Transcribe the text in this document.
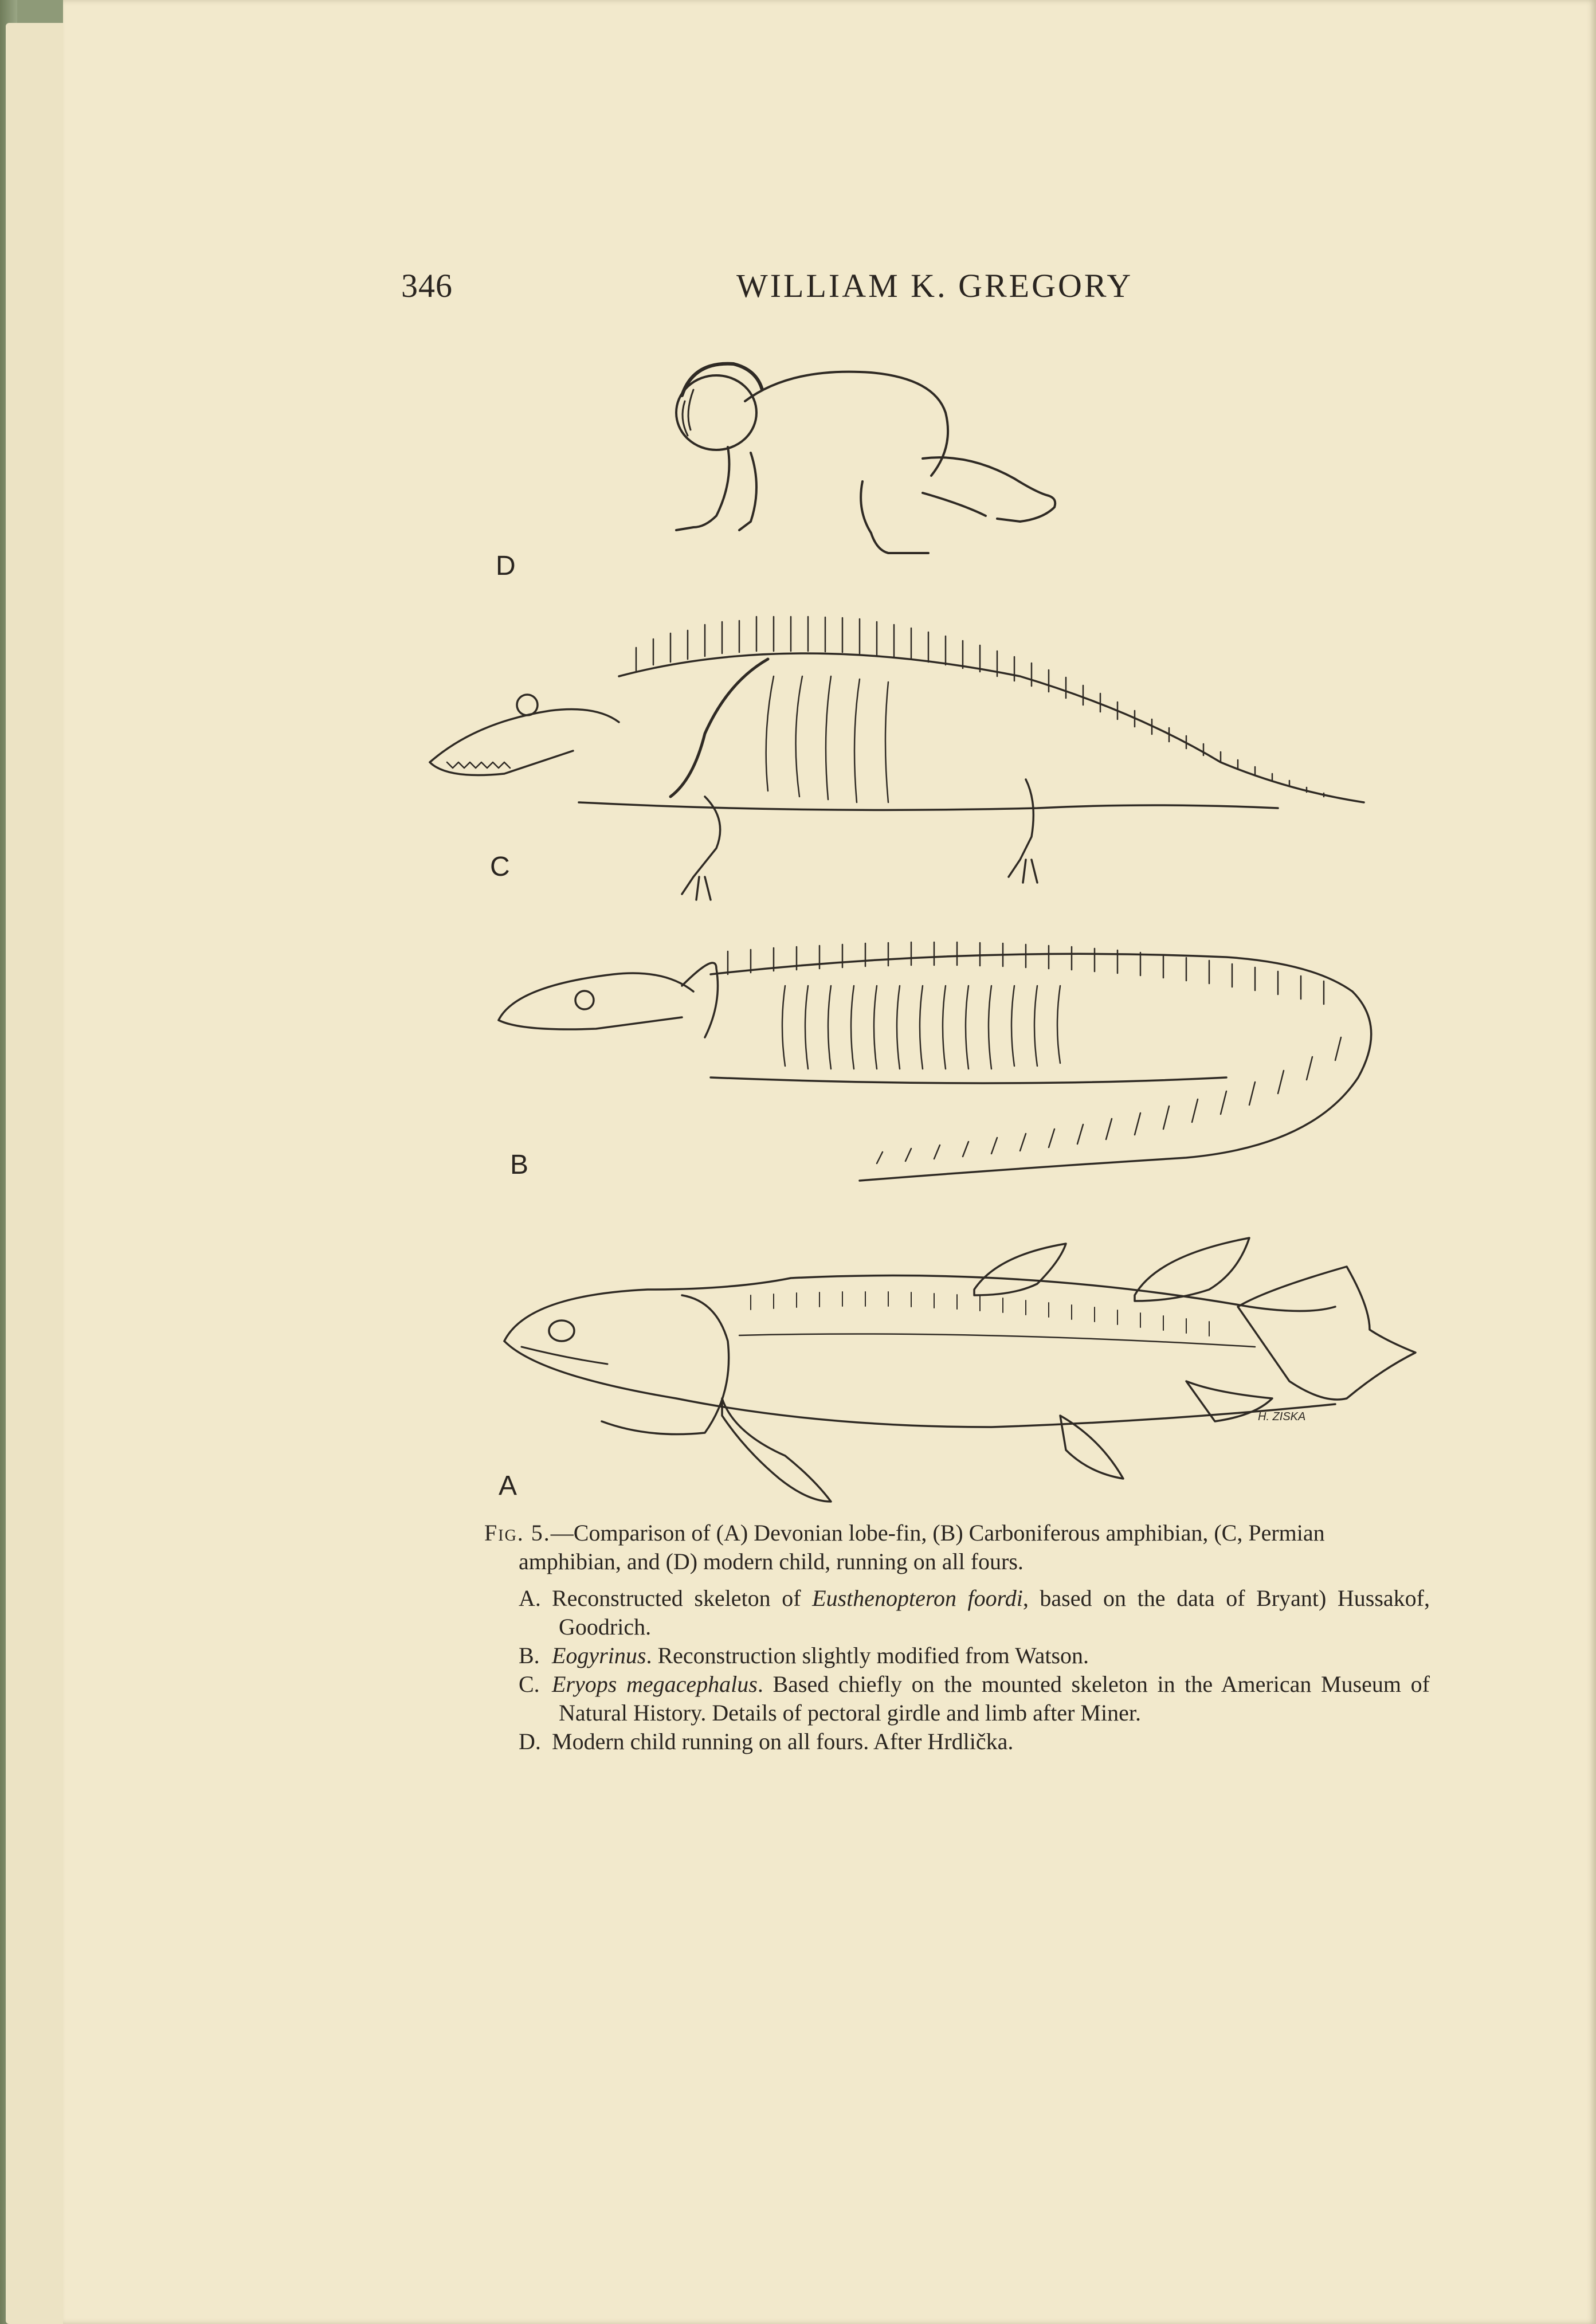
346	WILLIAM K. GREGORY
H. ZISKA
D
C
B
A

Fig. 5.—Comparison of (A) Devonian lobe-fin, (B) Carboniferous amphibian, (C, Permian amphibian, and (D) modern child, running on all fours.

A. Reconstructed skeleton of Eusthenopteron foordi, based on the data of Bryant) Hussakof, Goodrich.

B. Eogyrinus. Reconstruction slightly modified from Watson.

C. Eryops megacephalus. Based chiefly on the mounted skeleton in the American Museum of Natural History. Details of pectoral girdle and limb after Miner.

D. Modern child running on all fours. After Hrdlička.
